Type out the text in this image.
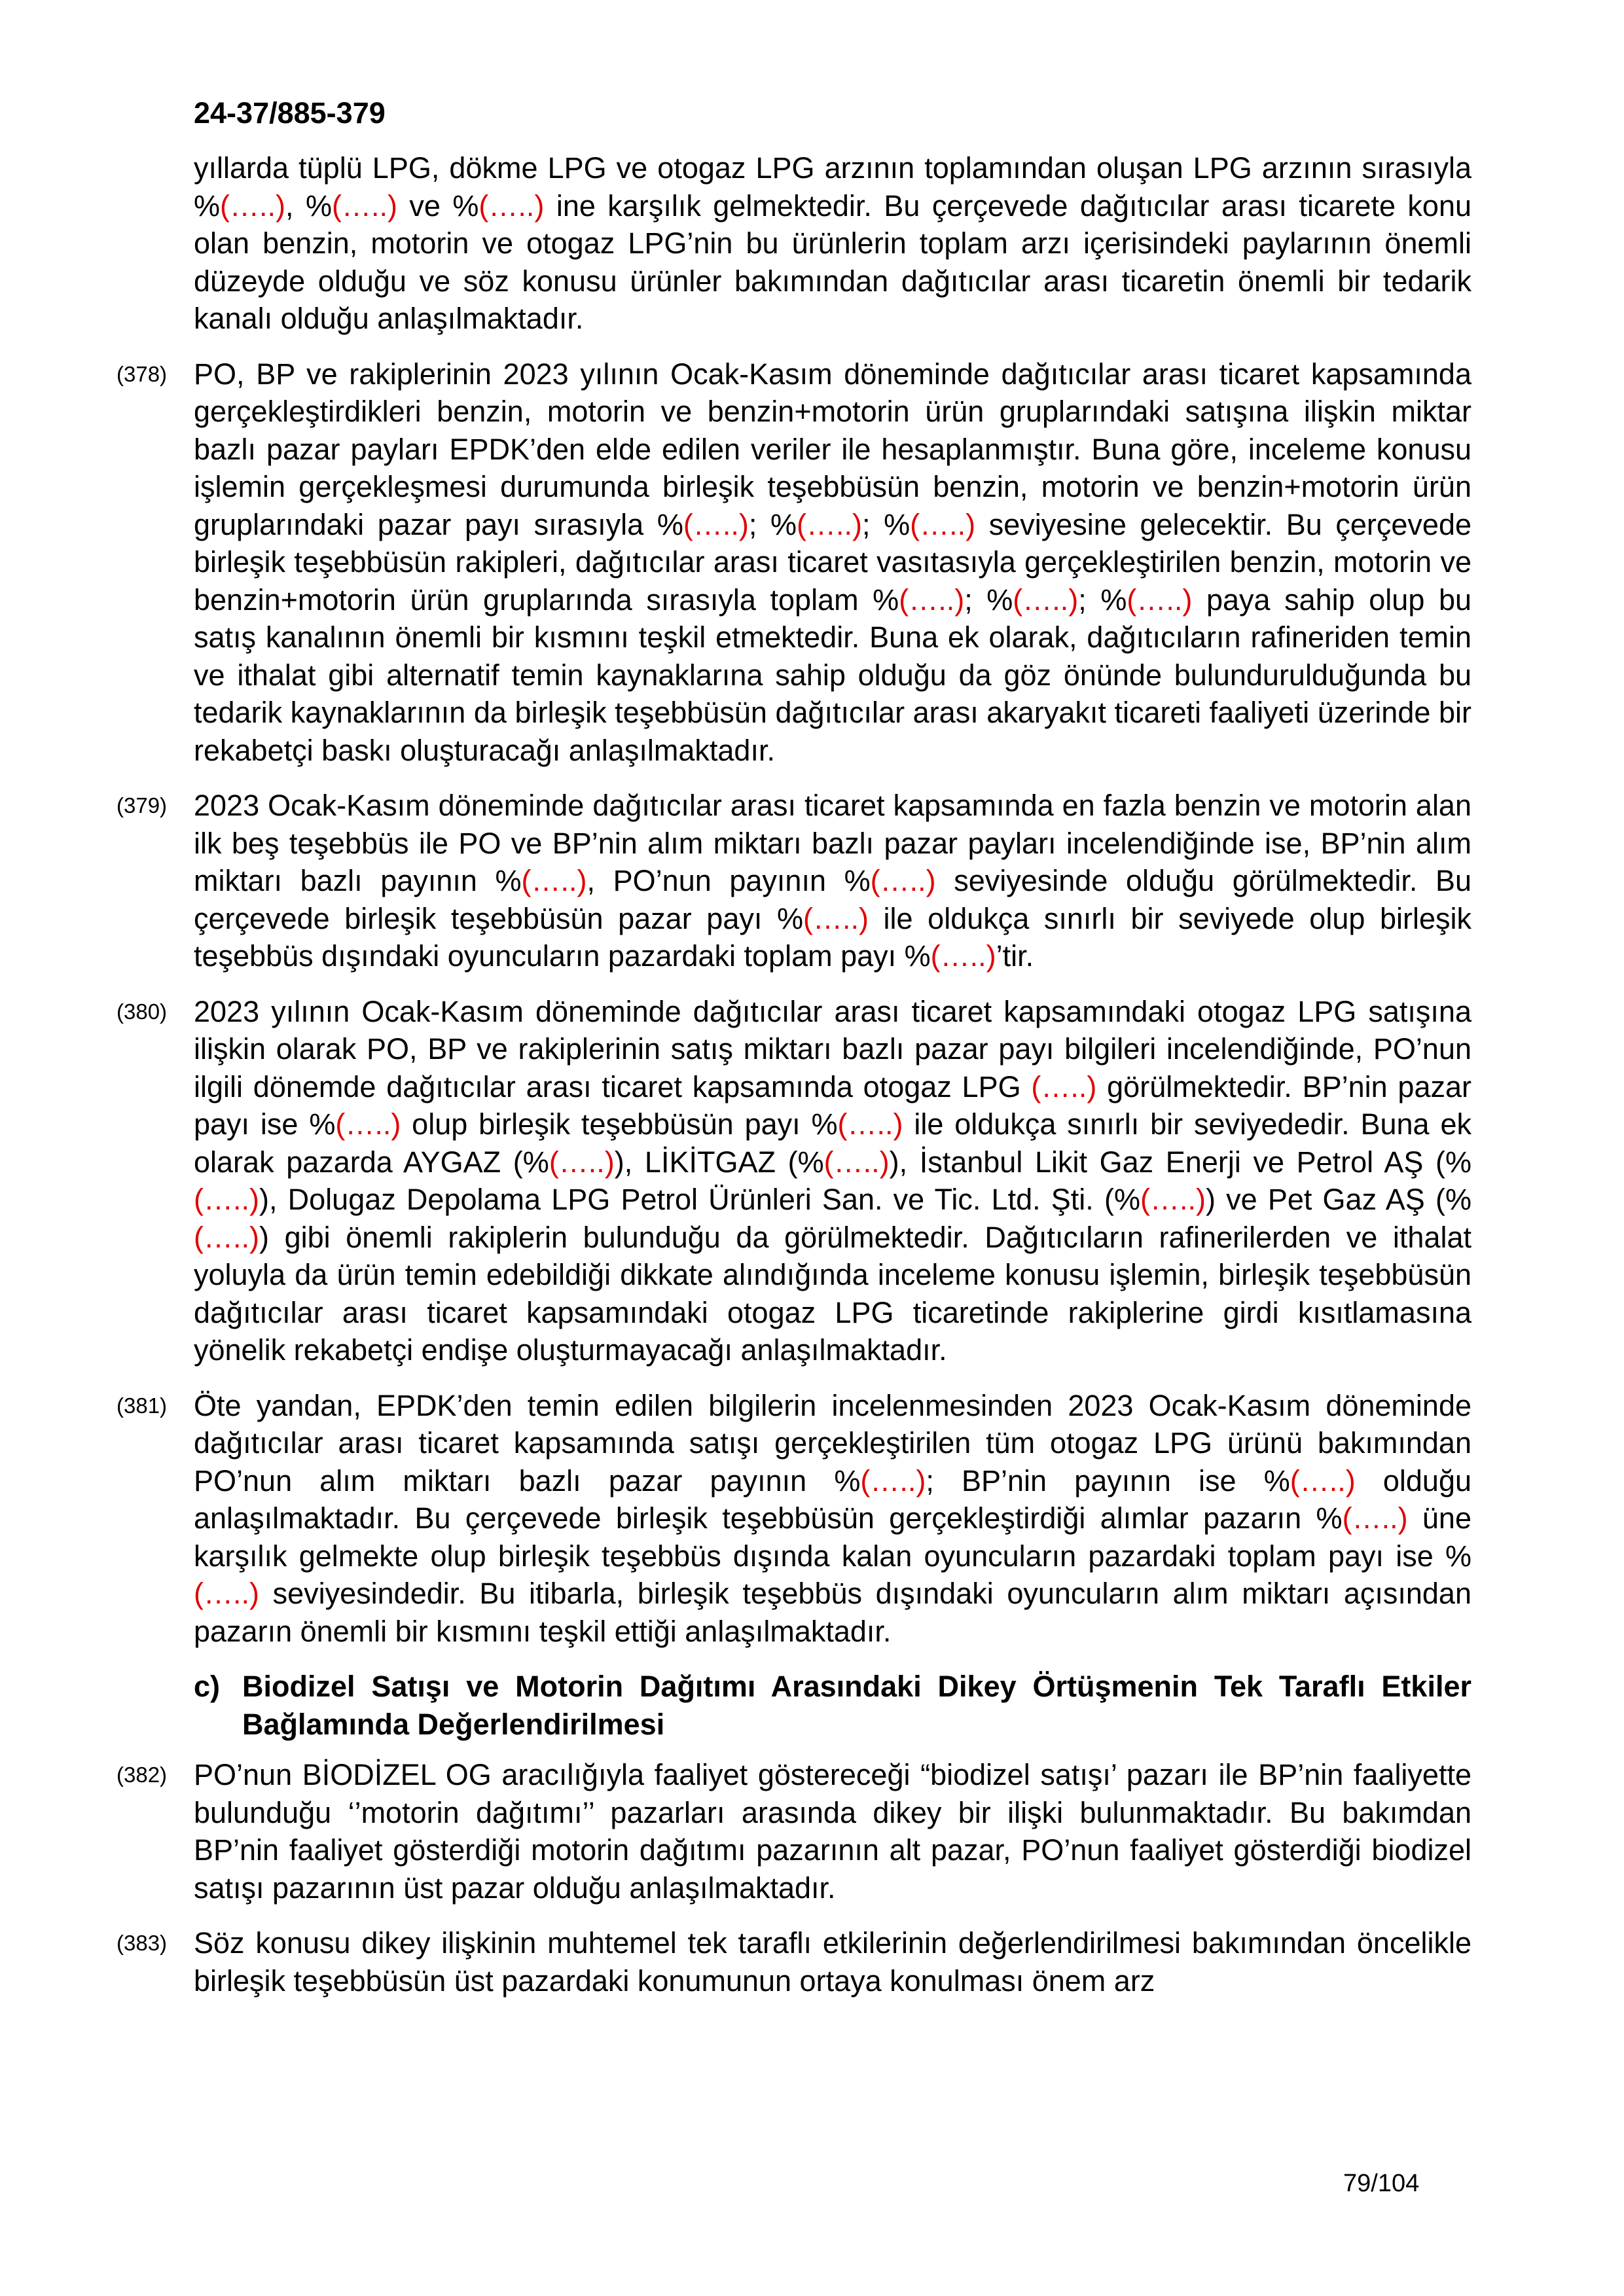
24-37/885-379
yıllarda tüplü LPG, dökme LPG ve otogaz LPG arzının toplamından oluşan LPG arzının sırasıyla %(…..), %(…..) ve %(…..) ine karşılık gelmektedir. Bu çerçevede dağıtıcılar arası ticarete konu olan benzin, motorin ve otogaz LPG’nin bu ürünlerin toplam arzı içerisindeki paylarının önemli düzeyde olduğu ve söz konusu ürünler bakımından dağıtıcılar arası ticaretin önemli bir tedarik kanalı olduğu anlaşılmaktadır.
(378) PO, BP ve rakiplerinin 2023 yılının Ocak-Kasım döneminde dağıtıcılar arası ticaret kapsamında gerçekleştirdikleri benzin, motorin ve benzin+motorin ürün gruplarındaki satışına ilişkin miktar bazlı pazar payları EPDK’den elde edilen veriler ile hesaplanmıştır. Buna göre, inceleme konusu işlemin gerçekleşmesi durumunda birleşik teşebbüsün benzin, motorin ve benzin+motorin ürün gruplarındaki pazar payı sırasıyla %(…..); %(…..); %(…..) seviyesine gelecektir. Bu çerçevede birleşik teşebbüsün rakipleri, dağıtıcılar arası ticaret vasıtasıyla gerçekleştirilen benzin, motorin ve benzin+motorin ürün gruplarında sırasıyla toplam %(…..); %(…..); %(…..) paya sahip olup bu satış kanalının önemli bir kısmını teşkil etmektedir. Buna ek olarak, dağıtıcıların rafineriden temin ve ithalat gibi alternatif temin kaynaklarına sahip olduğu da göz önünde bulundurulduğunda bu tedarik kaynaklarının da birleşik teşebbüsün dağıtıcılar arası akaryakıt ticareti faaliyeti üzerinde bir rekabetçi baskı oluşturacağı anlaşılmaktadır.
(379) 2023 Ocak-Kasım döneminde dağıtıcılar arası ticaret kapsamında en fazla benzin ve motorin alan ilk beş teşebbüs ile PO ve BP’nin alım miktarı bazlı pazar payları incelendiğinde ise, BP’nin alım miktarı bazlı payının %(…..), PO’nun payının %(…..) seviyesinde olduğu görülmektedir. Bu çerçevede birleşik teşebbüsün pazar payı %(…..) ile oldukça sınırlı bir seviyede olup birleşik teşebbüs dışındaki oyuncuların pazardaki toplam payı %(…..)’tir.
(380) 2023 yılının Ocak-Kasım döneminde dağıtıcılar arası ticaret kapsamındaki otogaz LPG satışına ilişkin olarak PO, BP ve rakiplerinin satış miktarı bazlı pazar payı bilgileri incelendiğinde, PO’nun ilgili dönemde dağıtıcılar arası ticaret kapsamında otogaz LPG (…..) görülmektedir. BP’nin pazar payı ise %(…..) olup birleşik teşebbüsün payı %(…..) ile oldukça sınırlı bir seviyededir. Buna ek olarak pazarda AYGAZ (%(…..)), LİKİTGAZ (%(…..)), İstanbul Likit Gaz Enerji ve Petrol AŞ (%(…..)), Dolugaz Depolama LPG Petrol Ürünleri San. ve Tic. Ltd. Şti. (%(…..)) ve Pet Gaz AŞ (%(…..)) gibi önemli rakiplerin bulunduğu da görülmektedir. Dağıtıcıların rafinerilerden ve ithalat yoluyla da ürün temin edebildiği dikkate alındığında inceleme konusu işlemin, birleşik teşebbüsün dağıtıcılar arası ticaret kapsamındaki otogaz LPG ticaretinde rakiplerine girdi kısıtlamasına yönelik rekabetçi endişe oluşturmayacağı anlaşılmaktadır.
(381) Öte yandan, EPDK’den temin edilen bilgilerin incelenmesinden 2023 Ocak-Kasım döneminde dağıtıcılar arası ticaret kapsamında satışı gerçekleştirilen tüm otogaz LPG ürünü bakımından PO’nun alım miktarı bazlı pazar payının %(…..); BP’nin payının ise %(…..) olduğu anlaşılmaktadır. Bu çerçevede birleşik teşebbüsün gerçekleştirdiği alımlar pazarın %(…..) üne karşılık gelmekte olup birleşik teşebbüs dışında kalan oyuncuların pazardaki toplam payı ise %(…..) seviyesindedir. Bu itibarla, birleşik teşebbüs dışındaki oyuncuların alım miktarı açısından pazarın önemli bir kısmını teşkil ettiği anlaşılmaktadır.
c) Biodizel Satışı ve Motorin Dağıtımı Arasındaki Dikey Örtüşmenin Tek Taraflı Etkiler Bağlamında Değerlendirilmesi
(382) PO’nun BİODİZEL OG aracılığıyla faaliyet göstereceği “biodizel satışı’ pazarı ile BP’nin faaliyette bulunduğu ‘’motorin dağıtımı’’ pazarları arasında dikey bir ilişki bulunmaktadır. Bu bakımdan BP’nin faaliyet gösterdiği motorin dağıtımı pazarının alt pazar, PO’nun faaliyet gösterdiği biodizel satışı pazarının üst pazar olduğu anlaşılmaktadır.
(383) Söz konusu dikey ilişkinin muhtemel tek taraflı etkilerinin değerlendirilmesi bakımından öncelikle birleşik teşebbüsün üst pazardaki konumunun ortaya konulması önem arz
79/104
